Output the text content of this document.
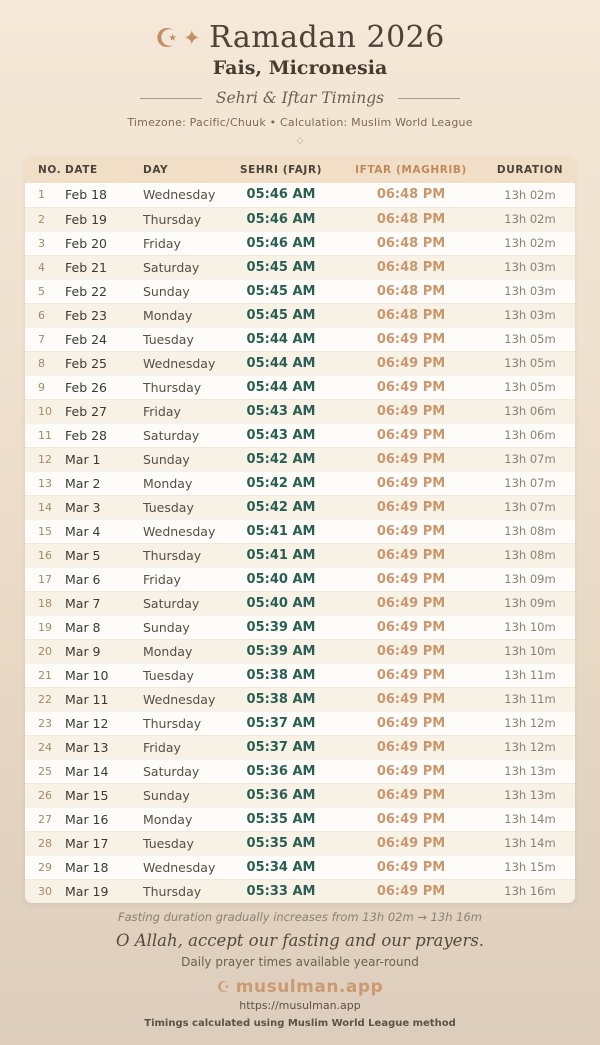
☪ ✦ Ramadan 2026
Fais, Micronesia
Sehri & Iftar Timings
Timezone: Pacific/Chuuk • Calculation: Muslim World League
◇
NO.	DATE	DAY	SEHRI (FAJR)	IFTAR (MAGHRIB)	DURATION
1	Feb 18	Wednesday	05:46 AM	06:48 PM	13h 02m
2	Feb 19	Thursday	05:46 AM	06:48 PM	13h 02m
3	Feb 20	Friday	05:46 AM	06:48 PM	13h 02m
4	Feb 21	Saturday	05:45 AM	06:48 PM	13h 03m
5	Feb 22	Sunday	05:45 AM	06:48 PM	13h 03m
6	Feb 23	Monday	05:45 AM	06:48 PM	13h 03m
7	Feb 24	Tuesday	05:44 AM	06:49 PM	13h 05m
8	Feb 25	Wednesday	05:44 AM	06:49 PM	13h 05m
9	Feb 26	Thursday	05:44 AM	06:49 PM	13h 05m
10	Feb 27	Friday	05:43 AM	06:49 PM	13h 06m
11	Feb 28	Saturday	05:43 AM	06:49 PM	13h 06m
12	Mar 1	Sunday	05:42 AM	06:49 PM	13h 07m
13	Mar 2	Monday	05:42 AM	06:49 PM	13h 07m
14	Mar 3	Tuesday	05:42 AM	06:49 PM	13h 07m
15	Mar 4	Wednesday	05:41 AM	06:49 PM	13h 08m
16	Mar 5	Thursday	05:41 AM	06:49 PM	13h 08m
17	Mar 6	Friday	05:40 AM	06:49 PM	13h 09m
18	Mar 7	Saturday	05:40 AM	06:49 PM	13h 09m
19	Mar 8	Sunday	05:39 AM	06:49 PM	13h 10m
20	Mar 9	Monday	05:39 AM	06:49 PM	13h 10m
21	Mar 10	Tuesday	05:38 AM	06:49 PM	13h 11m
22	Mar 11	Wednesday	05:38 AM	06:49 PM	13h 11m
23	Mar 12	Thursday	05:37 AM	06:49 PM	13h 12m
24	Mar 13	Friday	05:37 AM	06:49 PM	13h 12m
25	Mar 14	Saturday	05:36 AM	06:49 PM	13h 13m
26	Mar 15	Sunday	05:36 AM	06:49 PM	13h 13m
27	Mar 16	Monday	05:35 AM	06:49 PM	13h 14m
28	Mar 17	Tuesday	05:35 AM	06:49 PM	13h 14m
29	Mar 18	Wednesday	05:34 AM	06:49 PM	13h 15m
30	Mar 19	Thursday	05:33 AM	06:49 PM	13h 16m
Fasting duration gradually increases from 13h 02m → 13h 16m
O Allah, accept our fasting and our prayers.
Daily prayer times available year-round
☪ musulman.app
https://musulman.app
Timings calculated using Muslim World League method
